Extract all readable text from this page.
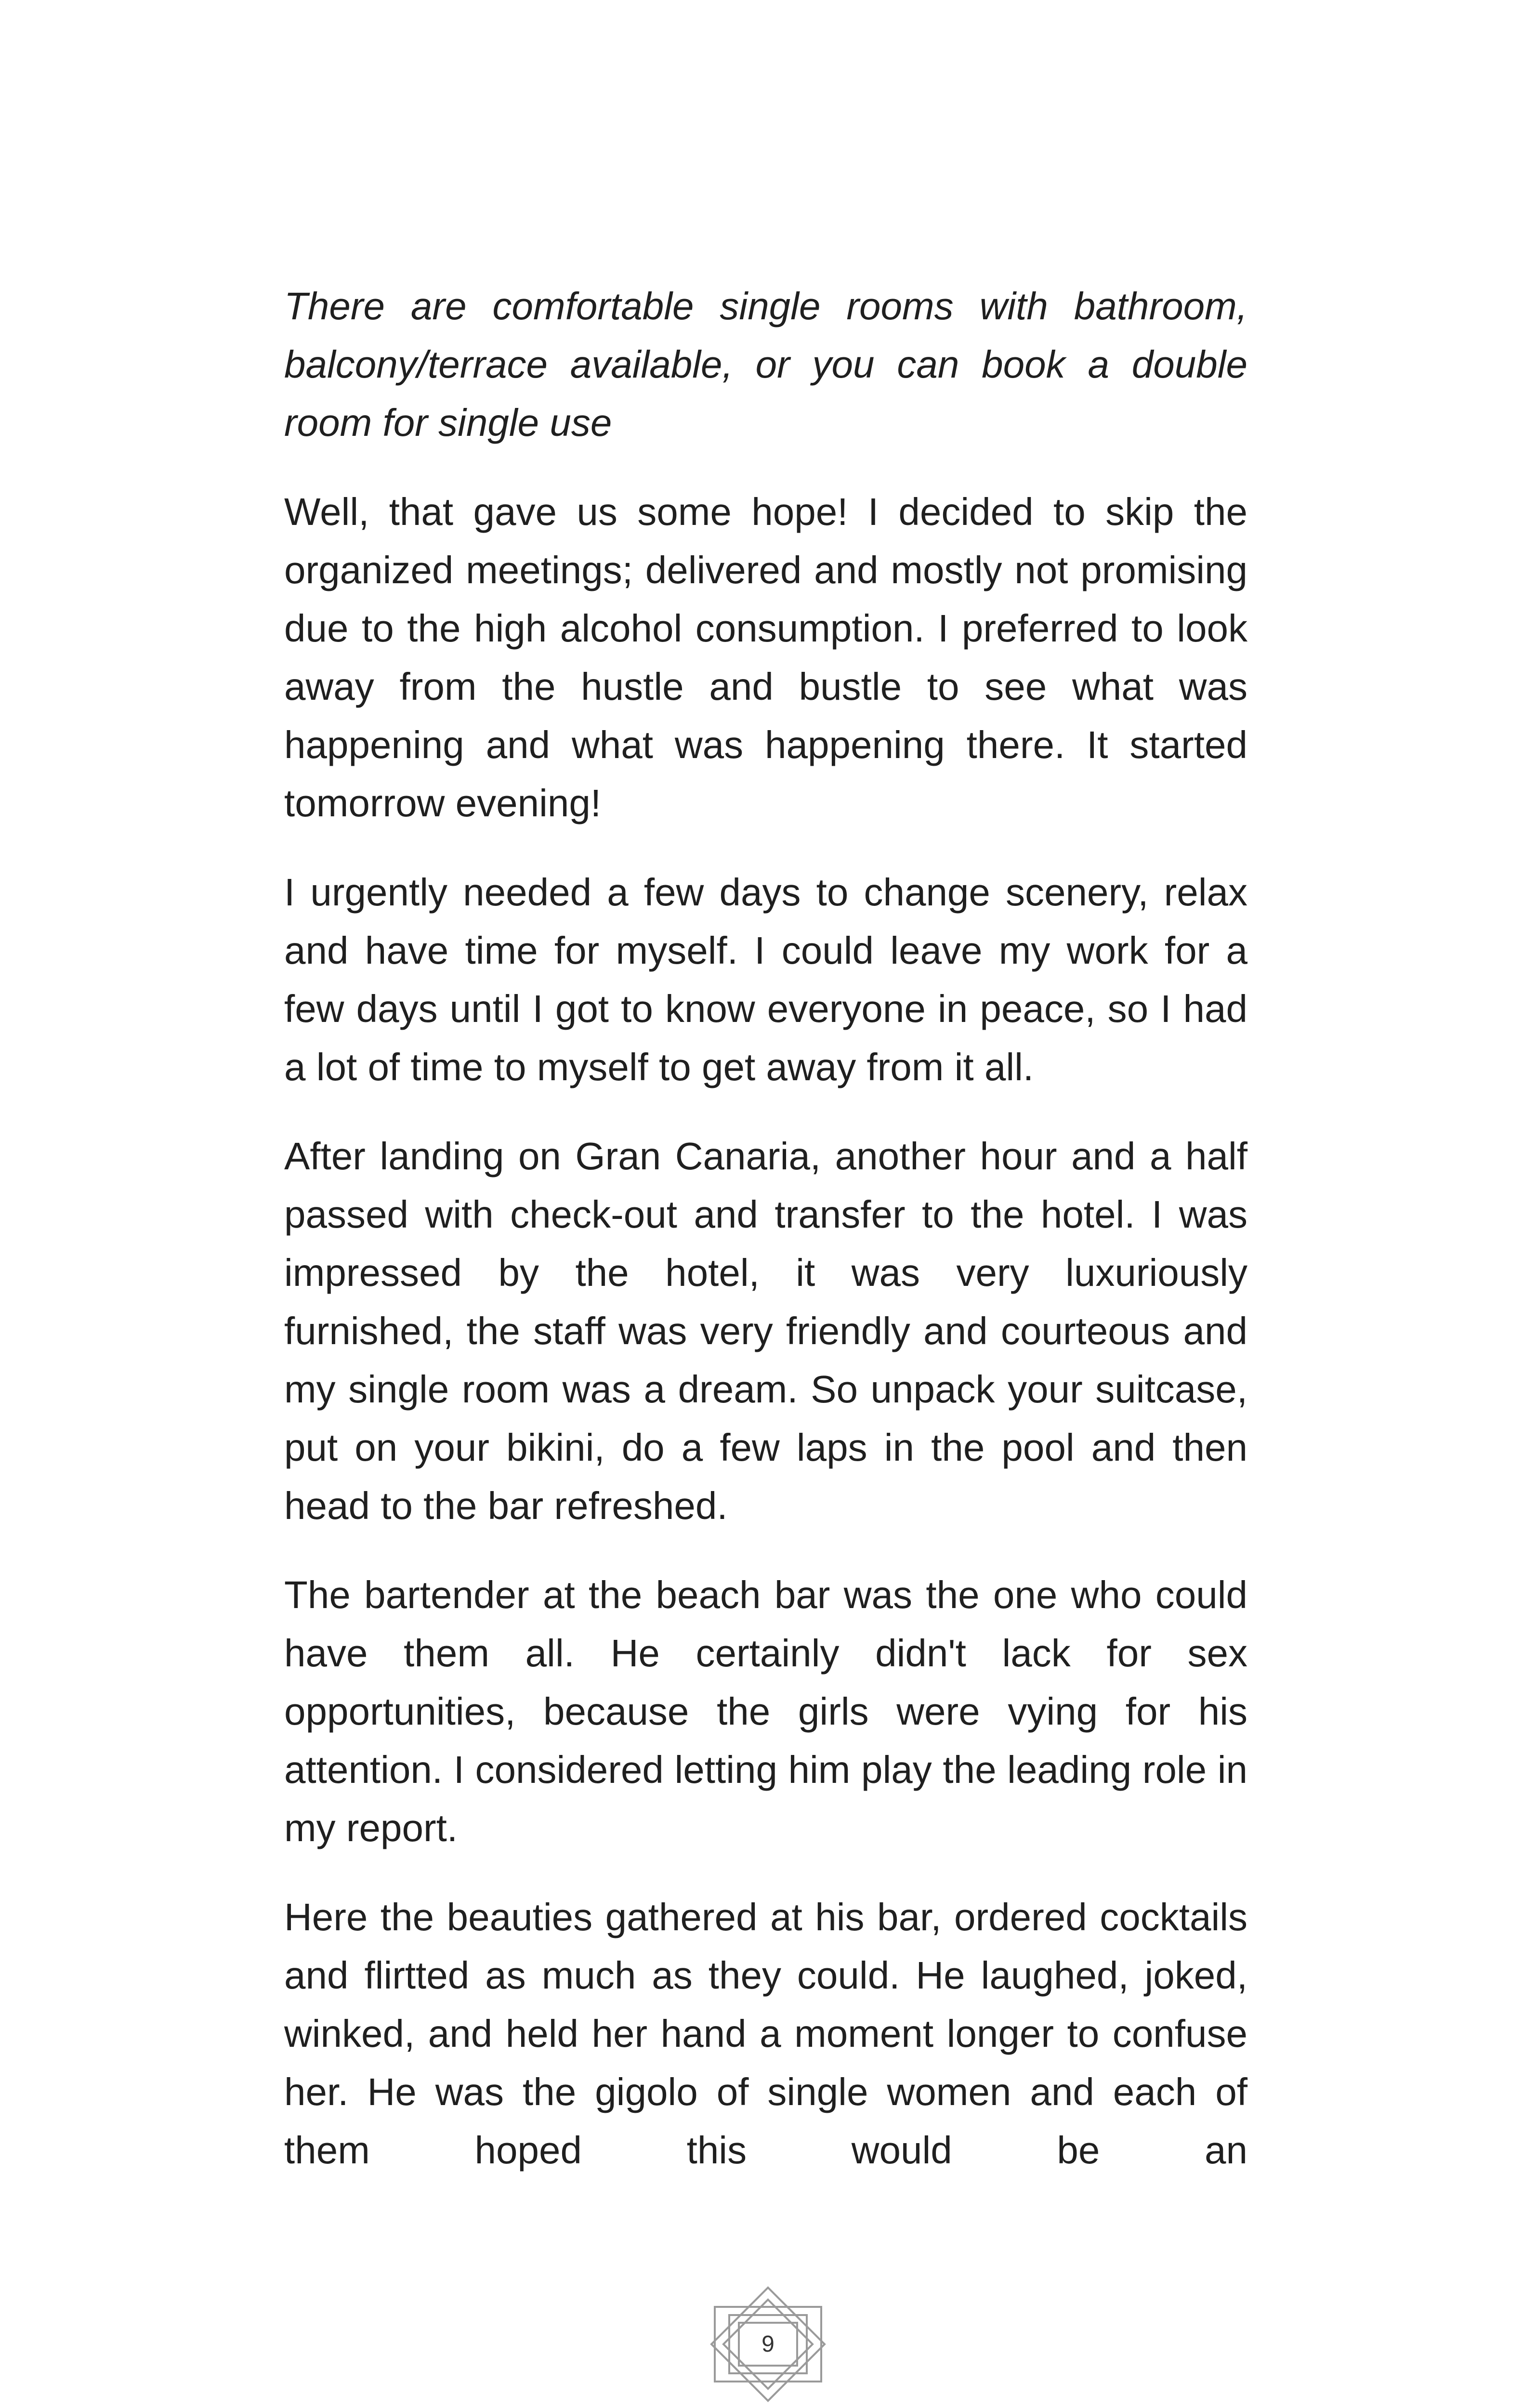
There are comfortable single rooms with bathroom, balcony/terrace available, or you can book a double room for single use

Well, that gave us some hope! I decided to skip the organized meetings; delivered and mostly not promising due to the high alcohol consumption. I preferred to look away from the hustle and bustle to see what was happening and what was happening there. It started tomorrow evening!

I urgently needed a few days to change scenery, relax and have time for myself. I could leave my work for a few days until I got to know everyone in peace, so I had a lot of time to myself to get away from it all.

After landing on Gran Canaria, another hour and a half passed with check-out and transfer to the hotel. I was impressed by the hotel, it was very luxuriously furnished, the staff was very friendly and courteous and my single room was a dream. So unpack your suitcase, put on your bikini, do a few laps in the pool and then head to the bar refreshed.

The bartender at the beach bar was the one who could have them all. He certainly didn't lack for sex opportunities, because the girls were vying for his attention. I considered letting him play the leading role in my report.

Here the beauties gathered at his bar, ordered cocktails and flirtted as much as they could. He laughed, joked, winked, and held her hand a moment longer to confuse her. He was the gigolo of single women and each of them hoped this would be an

9
